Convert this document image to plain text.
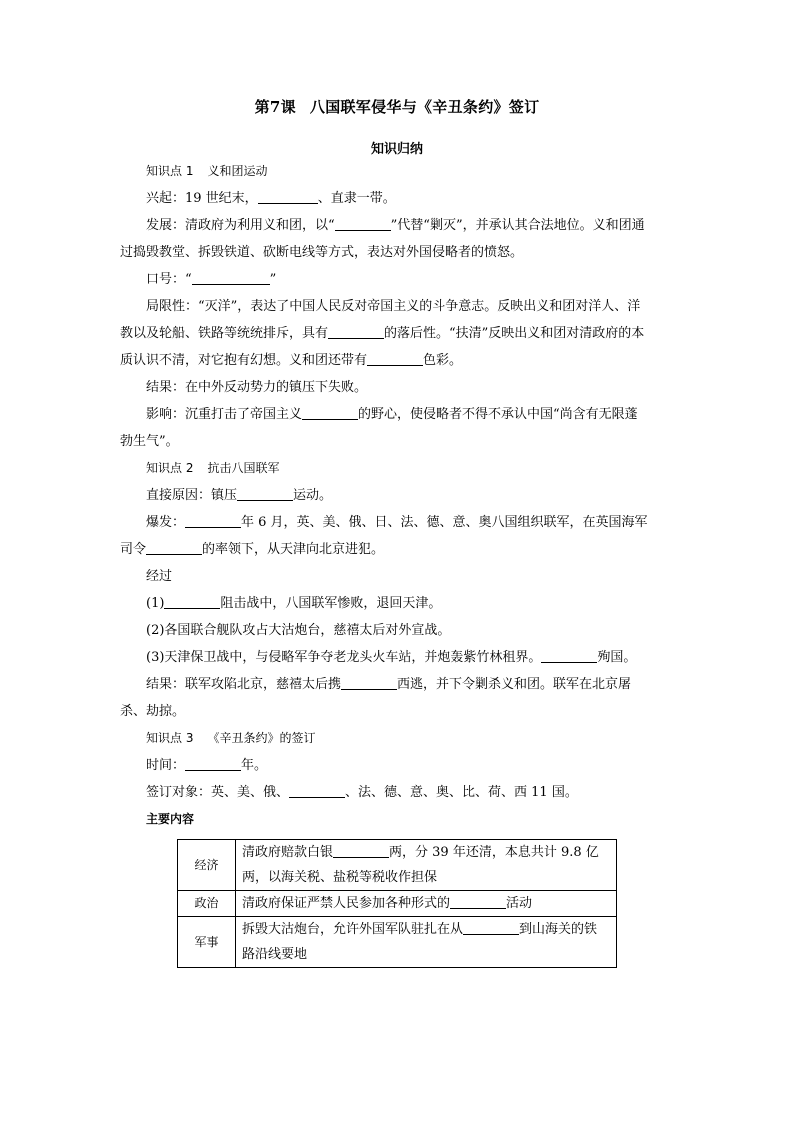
第7课 八国联军侵华与《辛丑条约》签订
知识归纳

知识点 1 义和团运动

兴起：19 世纪末，	、直隶一带。

发展：清政府为利用义和团，以“	”代替“剿灭”，并承认其合法地位。义和团通过捣毁教堂、拆毁铁道、砍断电线等方式，表达对外国侵略者的愤怒。

口号：“	”

局限性：“灭洋”，表达了中国人民反对帝国主义的斗争意志。反映出义和团对洋人、洋教以及轮船、铁路等统统排斥，具有	的落后性。“扶清”反映出义和团对清政府的本质认识不清，对它抱有幻想。义和团还带有	色彩。

结果：在中外反动势力的镇压下失败。

影响：沉重打击了帝国主义	的野心，使侵略者不得不承认中国“尚含有无限蓬勃生气”。

知识点 2 抗击八国联军

直接原因：镇压	运动。

爆发：	年 6 月，英、美、俄、日、法、德、意、奥八国组织联军，在英国海军司令	的率领下，从天津向北京进犯。

经过

(1)	阻击战中，八国联军惨败，退回天津。

(2)各国联合舰队攻占大沽炮台，慈禧太后对外宣战。

(3)天津保卫战中，与侵略军争夺老龙头火车站，并炮轰紫竹林租界。	殉国。

结果：联军攻陷北京，慈禧太后携	西逃，并下令剿杀义和团。联军在北京屠杀、劫掠。

知识点 3 《辛丑条约》的签订

时间：	年。

签订对象：英、美、俄、	、法、德、意、奥、比、荷、西 11 国。

主要内容

经济	清政府赔款白银 两，分 39 年还清，本息共计 9.8 亿两，以海关税、盐税等税收作担保
政治	清政府保证严禁人民参加各种形式的 活动
军事	拆毁大沽炮台，允许外国军队驻扎在从 到山海关的铁路沿线要地
